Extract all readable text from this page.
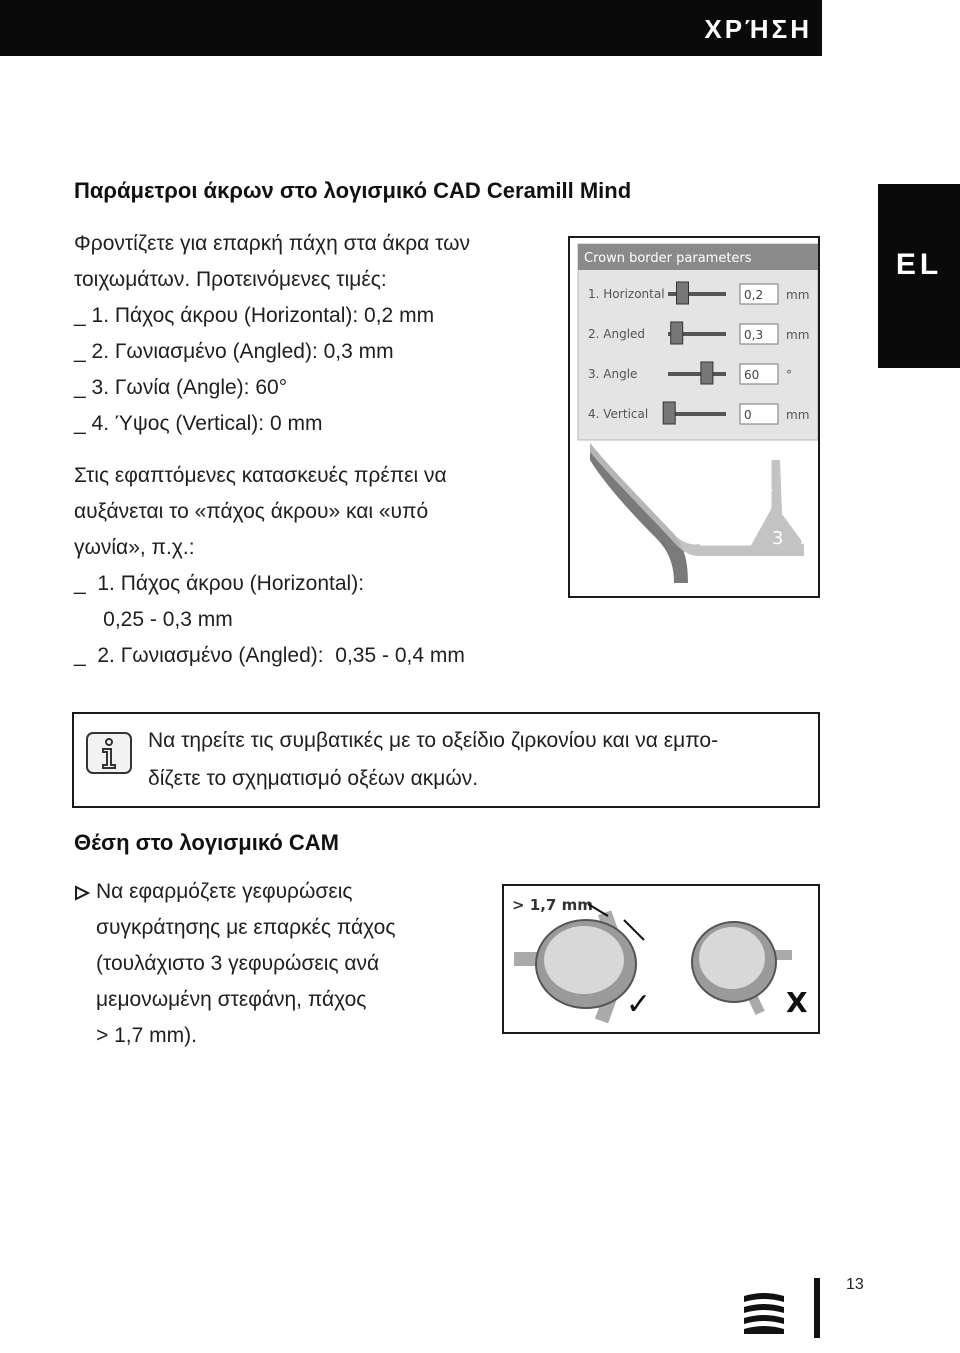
ΧΡΉΣΗ
EL
Παράμετροι άκρων στο λογισμικό CAD Ceramill Mind
Φροντίζετε για επαρκή πάχη στα άκρα των
τοιχωμάτων. Προτεινόμενες τιμές:
_ 1. Πάχος άκρου (Horizontal): 0,2 mm
_ 2. Γωνιασμένο (Angled): 0,3 mm
_ 3. Γωνία (Angle): 60°
_ 4. Ύψος (Vertical): 0 mm
Στις εφαπτόμενες κατασκευές πρέπει να
αυξάνεται το «πάχος άκρου» και «υπό
γωνία», π.χ.:
_  1. Πάχος άκρου (Horizontal):
0,25 - 0,3 mm
_  2. Γωνιασμένο (Angled):  0,35 - 0,4 mm
Crown border parameters
1. Horizontal	0,2 mm
2. Angled	0,3 mm
3. Angle	60 °
4. Vertical	0	mm
1
2
3
4
Να τηρείτε τις συμβατικές με το οξείδιο ζιρκονίου και να εμπο-
δίζετε το σχηματισμό οξέων ακμών.
Θέση στο λογισμικό CAM
Να εφαρμόζετε γεφυρώσεις
συγκράτησης με επαρκές πάχος
(τουλάχιστο 3 γεφυρώσεις ανά
μεμονωμένη στεφάνη, πάχος
> 1,7 mm).
> 1,7 mm
✓	X
13
